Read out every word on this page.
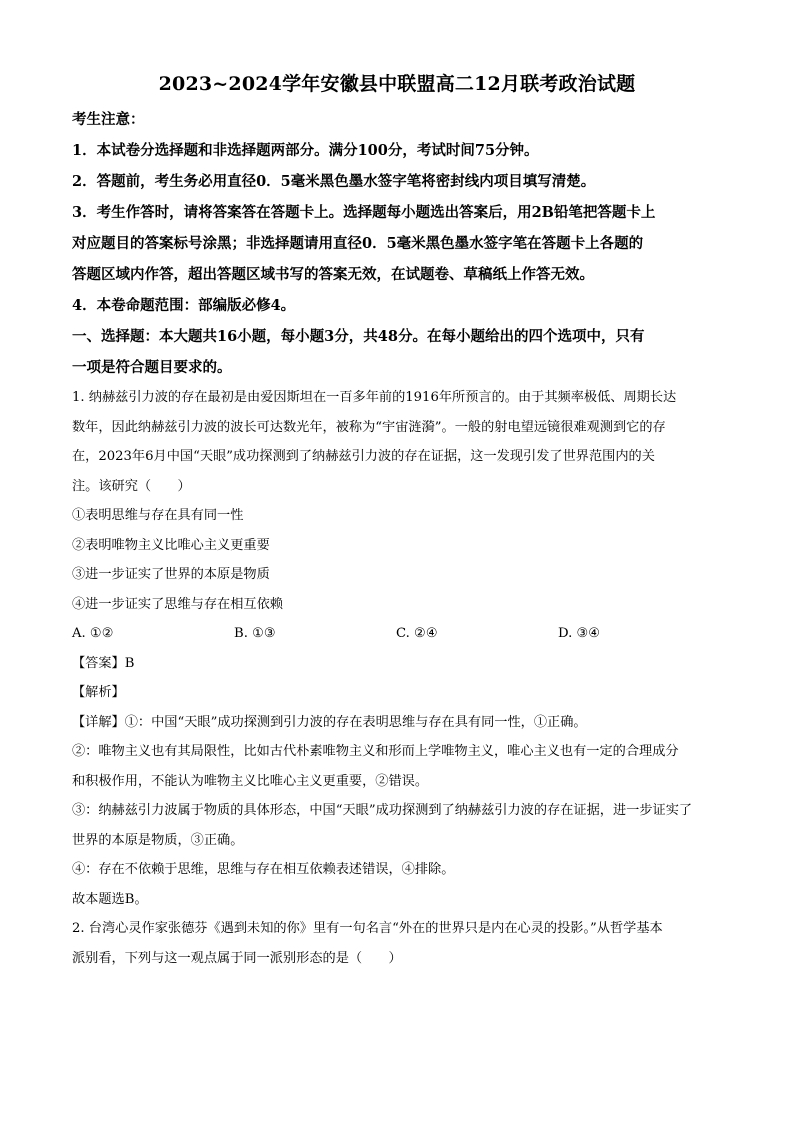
2023~2024学年安徽县中联盟高二12月联考政治试题

考生注意：

1．本试卷分选择题和非选择题两部分。满分100分，考试时间75分钟。

2．答题前，考生务必用直径0．5毫米黑色墨水签字笔将密封线内项目填写清楚。

3．考生作答时，请将答案答在答题卡上。选择题每小题选出答案后，用2B铅笔把答题卡上

对应题目的答案标号涂黑；非选择题请用直径0．5毫米黑色墨水签字笔在答题卡上各题的

答题区域内作答，超出答题区域书写的答案无效，在试题卷、草稿纸上作答无效。

4．本卷命题范围：部编版必修4。

一、选择题：本大题共16小题，每小题3分，共48分。在每小题给出的四个选项中，只有

一项是符合题目要求的。

1. 纳赫兹引力波的存在最初是由爱因斯坦在一百多年前的1916年所预言的。由于其频率极低、周期长达

数年，因此纳赫兹引力波的波长可达数光年，被称为“宇宙涟漪”。一般的射电望远镜很难观测到它的存

在，2023年6月中国“天眼”成功探测到了纳赫兹引力波的存在证据，这一发现引发了世界范围内的关

注。该研究（　　）

①表明思维与存在具有同一性

②表明唯物主义比唯心主义更重要

③进一步证实了世界的本原是物质

④进一步证实了思维与存在相互依赖

A. ①②	B. ①③	C. ②④	D. ③④

【答案】B

【解析】

【详解】①：中国“天眼”成功探测到引力波的存在表明思维与存在具有同一性，①正确。

②：唯物主义也有其局限性，比如古代朴素唯物主义和形而上学唯物主义，唯心主义也有一定的合理成分

和积极作用，不能认为唯物主义比唯心主义更重要，②错误。

③：纳赫兹引力波属于物质的具体形态，中国“天眼”成功探测到了纳赫兹引力波的存在证据，进一步证实了

世界的本原是物质，③正确。

④：存在不依赖于思维，思维与存在相互依赖表述错误，④排除。

故本题选B。

2. 台湾心灵作家张德芬《遇到未知的你》里有一句名言“外在的世界只是内在心灵的投影。”从哲学基本

派别看，下列与这一观点属于同一派别形态的是（　　）
